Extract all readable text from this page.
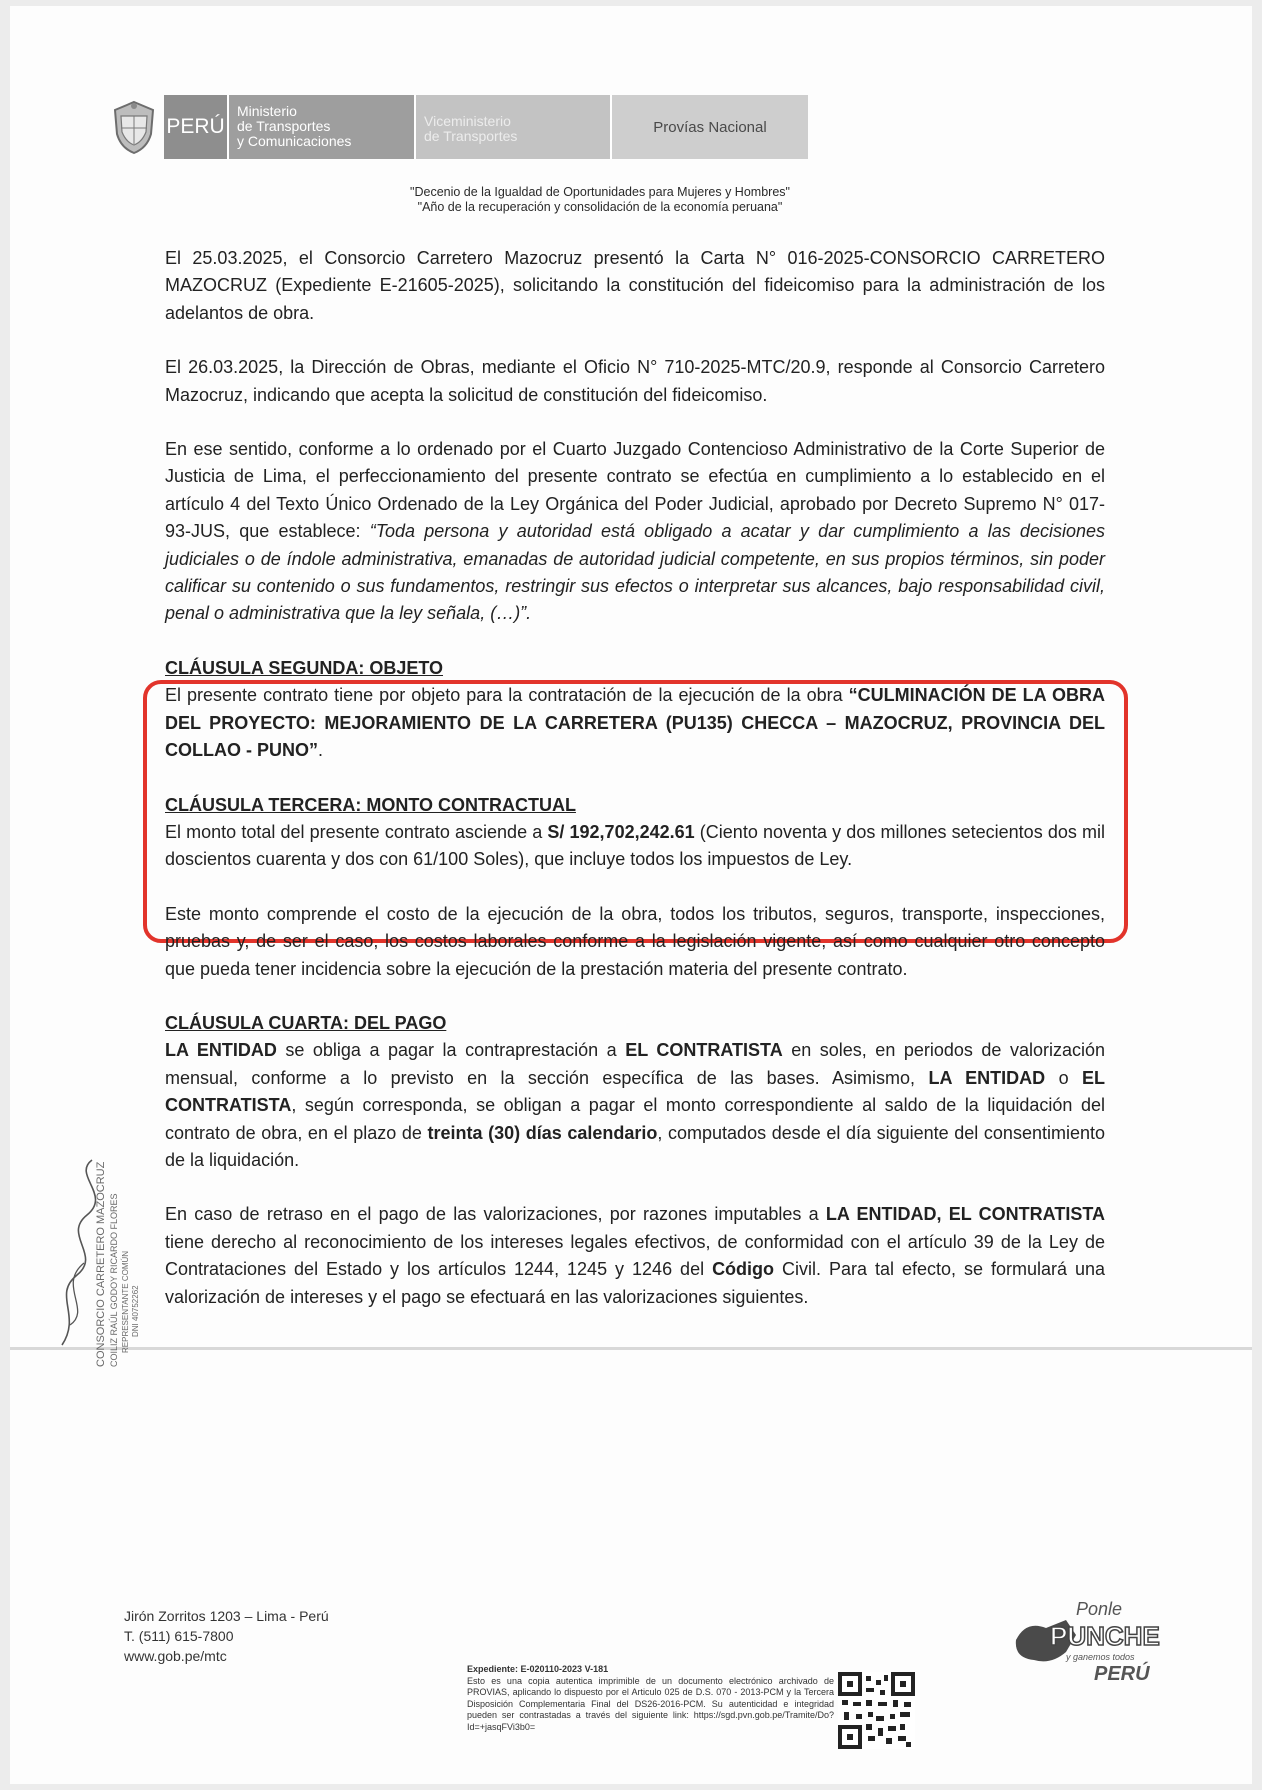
PERÚ
Ministerio
de Transportes
y Comunicaciones
Viceministerio
de Transportes
Provías Nacional
"Decenio de la Igualdad de Oportunidades para Mujeres y Hombres"
"Año de la recuperación y consolidación de la economía peruana"

El 25.03.2025, el Consorcio Carretero Mazocruz presentó la Carta N° 016-2025-CONSORCIO CARRETERO MAZOCRUZ (Expediente E-21605-2025), solicitando la constitución del fideicomiso para la administración de los adelantos de obra.

El 26.03.2025, la Dirección de Obras, mediante el Oficio N° 710-2025-MTC/20.9, responde al Consorcio Carretero Mazocruz, indicando que acepta la solicitud de constitución del fideicomiso.

En ese sentido, conforme a lo ordenado por el Cuarto Juzgado Contencioso Administrativo de la Corte Superior de Justicia de Lima, el perfeccionamiento del presente contrato se efectúa en cumplimiento a lo establecido en el artículo 4 del Texto Único Ordenado de la Ley Orgánica del Poder Judicial, aprobado por Decreto Supremo N° 017-93-JUS, que establece: “Toda persona y autoridad está obligado a acatar y dar cumplimiento a las decisiones judiciales o de índole administrativa, emanadas de autoridad judicial competente, en sus propios términos, sin poder calificar su contenido o sus fundamentos, restringir sus efectos o interpretar sus alcances, bajo responsabilidad civil, penal o administrativa que la ley señala, (…)”.

CLÁUSULA SEGUNDA: OBJETO

El presente contrato tiene por objeto para la contratación de la ejecución de la obra “CULMINACIÓN DE LA OBRA DEL PROYECTO: MEJORAMIENTO DE LA CARRETERA (PU135) CHECCA – MAZOCRUZ, PROVINCIA DEL COLLAO - PUNO”.

CLÁUSULA TERCERA: MONTO CONTRACTUAL

El monto total del presente contrato asciende a S/ 192,702,242.61 (Ciento noventa y dos millones setecientos dos mil doscientos cuarenta y dos con 61/100 Soles), que incluye todos los impuestos de Ley.

Este monto comprende el costo de la ejecución de la obra, todos los tributos, seguros, transporte, inspecciones, pruebas y, de ser el caso, los costos laborales conforme a la legislación vigente, así como cualquier otro concepto que pueda tener incidencia sobre la ejecución de la prestación materia del presente contrato.

CLÁUSULA CUARTA: DEL PAGO

LA ENTIDAD se obliga a pagar la contraprestación a EL CONTRATISTA en soles, en periodos de valorización mensual, conforme a lo previsto en la sección específica de las bases. Asimismo, LA ENTIDAD o EL CONTRATISTA, según corresponda, se obligan a pagar el monto correspondiente al saldo de la liquidación del contrato de obra, en el plazo de treinta (30) días calendario, computados desde el día siguiente del consentimiento de la liquidación.

En caso de retraso en el pago de las valorizaciones, por razones imputables a LA ENTIDAD, EL CONTRATISTA tiene derecho al reconocimiento de los intereses legales efectivos, de conformidad con el artículo 39 de la Ley de Contrataciones del Estado y los artículos 1244, 1245 y 1246 del Código Civil. Para tal efecto, se formulará una valorización de intereses y el pago se efectuará en las valorizaciones siguientes.

CONSORCIO CARRETERO MAZOCRUZ COILIZ RAÚL GODOY RICARDO FLORES REPRESENTANTE COMÚN DNI 40752262
Jirón Zorritos 1203 – Lima - Perú
T. (511) 615-7800
www.gob.pe/mtc
Expediente: E-020110-2023 V-181
Esto es una copia autentica imprimible de un documento electrónico archivado de PROVIAS, aplicando lo dispuesto por el Articulo 025 de D.S. 070 - 2013-PCM y la Tercera Disposición Complementaria Final del DS26-2016-PCM. Su autenticidad e integridad pueden ser contrastadas a través del siguiente link: https://sgd.pvn.gob.pe/Tramite/Do?Id=+jasqFVi3b0=
Ponle
PUNCHE
y ganemos todos
PERÚ
